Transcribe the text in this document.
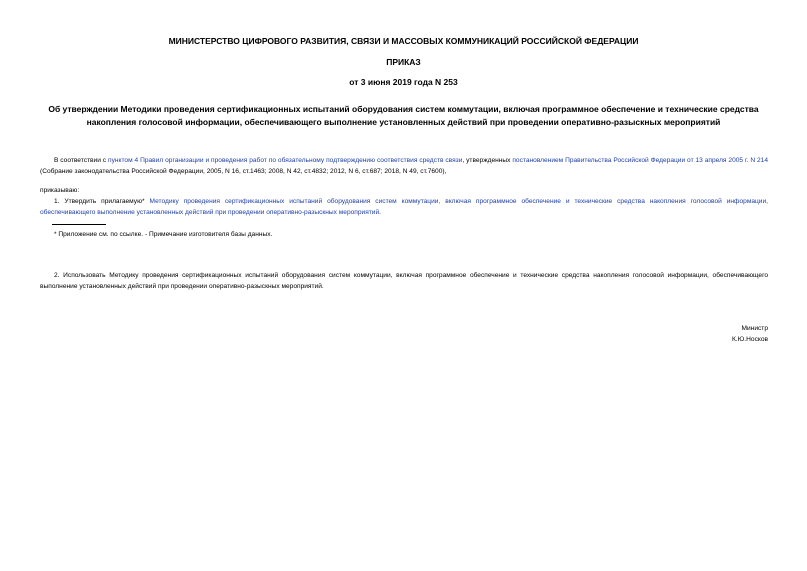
МИНИСТЕРСТВО ЦИФРОВОГО РАЗВИТИЯ, СВЯЗИ И МАССОВЫХ КОММУНИКАЦИЙ РОССИЙСКОЙ ФЕДЕРАЦИИ
ПРИКАЗ
от 3 июня 2019 года N 253
Об утверждении Методики проведения сертификационных испытаний оборудования систем коммутации, включая программное обеспечение и технические средства накопления голосовой информации, обеспечивающего выполнение установленных действий при проведении оперативно-разыскных мероприятий
В соответствии с пунктом 4 Правил организации и проведения работ по обязательному подтверждению соответствия средств связи, утвержденных постановлением Правительства Российской Федерации от 13 апреля 2005 г. N 214 (Собрание законодательства Российской Федерации, 2005, N 16, ст.1463; 2008, N 42, ст.4832; 2012, N 6, ст.687; 2018, N 49, ст.7600),
приказываю:
1. Утвердить прилагаемую* Методику проведения сертификационных испытаний оборудования систем коммутации, включая программное обеспечение и технические средства накопления голосовой информации, обеспечивающего выполнение установленных действий при проведении оперативно-разыскных мероприятий.
* Приложение см. по ссылке. - Примечание изготовителя базы данных.
2. Использовать Методику проведения сертификационных испытаний оборудования систем коммутации, включая программное обеспечение и технические средства накопления голосовой информации, обеспечивающего выполнение установленных действий при проведении оперативно-разыскных мероприятий.
Министр
К.Ю.Носков
